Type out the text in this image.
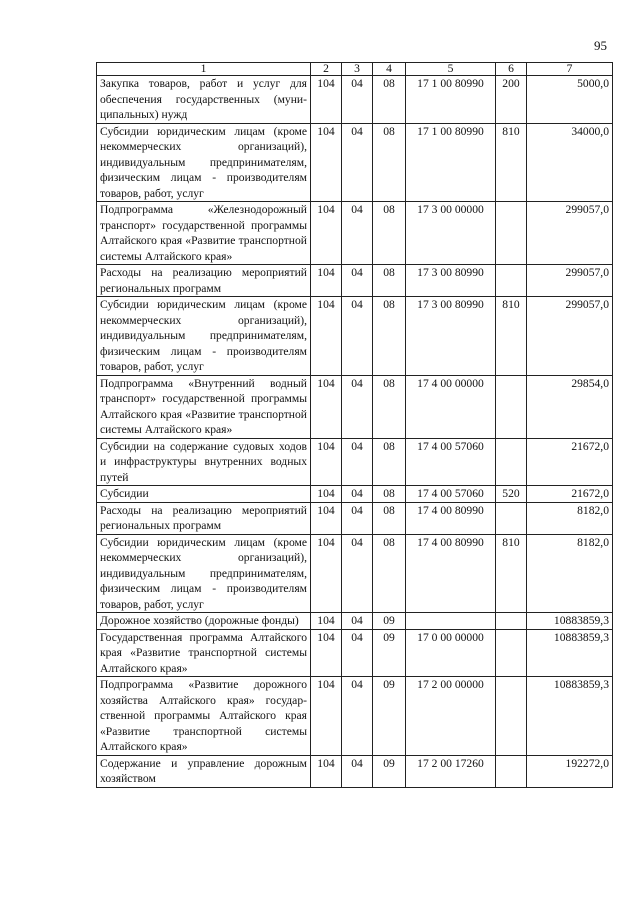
95
1	2	3	4	5	6	7
Закупка товаров, работ и услуг для обеспечения государственных (муниципальных) нужд	104	04	08	17 1 00 80990	200	5000,0
Субсидии юридическим лицам (кроме некоммерческих организаций), индивидуальным предпринимателям, физическим лицам - производителям товаров, работ, услуг	104	04	08	17 1 00 80990	810	34000,0
Подпрограмма «Железнодорожный транспорт» государственной программы Алтайского края «Развитие транспортной системы Алтайского края»	104	04	08	17 3 00 00000		299057,0
Расходы на реализацию мероприятий региональных программ	104	04	08	17 3 00 80990		299057,0
Субсидии юридическим лицам (кроме некоммерческих организаций), индивидуальным предпринимателям, физическим лицам - производителям товаров, работ, услуг	104	04	08	17 3 00 80990	810	299057,0
Подпрограмма «Внутренний водный транспорт» государственной программы Алтайского края «Развитие транспортной системы Алтайского края»	104	04	08	17 4 00 00000		29854,0
Субсидии на содержание судовых ходов и инфраструктуры внутренних водных путей	104	04	08	17 4 00 57060		21672,0
Субсидии	104	04	08	17 4 00 57060	520	21672,0
Расходы на реализацию мероприятий региональных программ	104	04	08	17 4 00 80990		8182,0
Субсидии юридическим лицам (кроме некоммерческих организаций), индивидуальным предпринимателям, физическим лицам - производителям товаров, работ, услуг	104	04	08	17 4 00 80990	810	8182,0
Дорожное хозяйство (дорожные фонды)	104	04	09			10883859,3
Государственная программа Алтайского края «Развитие транспортной системы Алтайского края»	104	04	09	17 0 00 00000		10883859,3
Подпрограмма «Развитие дорожного хозяйства Алтайского края» государственной программы Алтайского края «Развитие транспортной системы Алтайского края»	104	04	09	17 2 00 00000		10883859,3
Содержание и управление дорожным хозяйством	104	04	09	17 2 00 17260		192272,0
